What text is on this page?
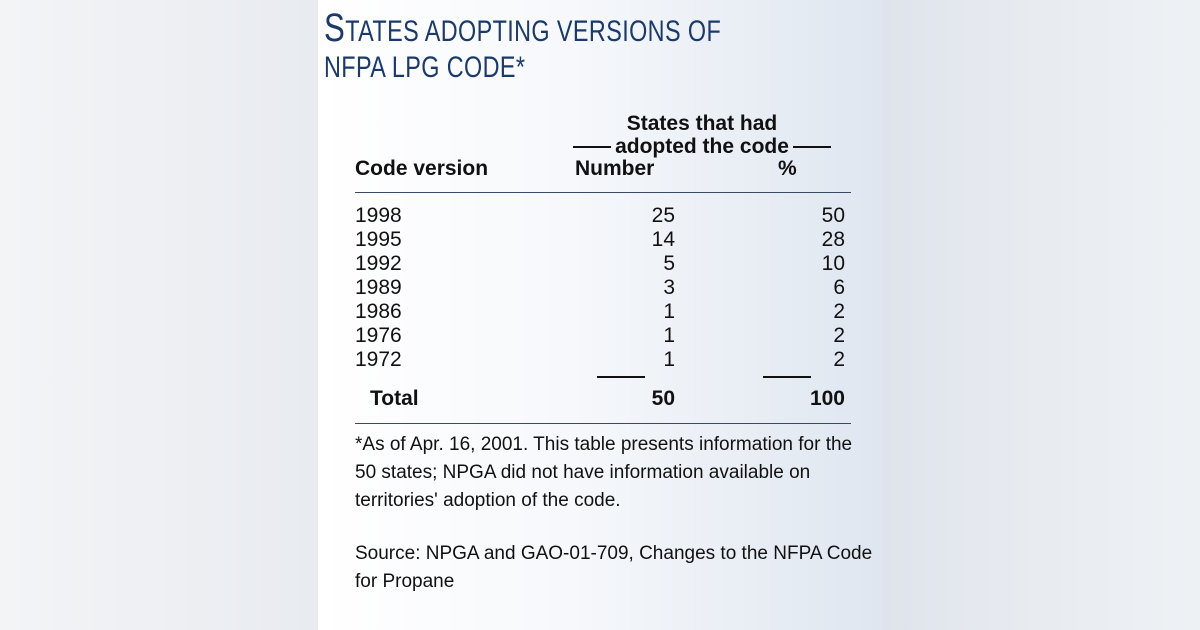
STATES ADOPTING VERSIONS OF
NFPA LPG CODE*
States that had
adopted the code
Code version	Number	%
1998	25	50
1995	14	28
1992	5	10
1989	3	6
1986	1	2
1976	1	2
1972	1	2
Total	50	100

*As of Apr. 16, 2001. This table presents information for the 50 states; NPGA did not have information available on territories' adoption of the code.

Source: NPGA and GAO-01-709, Changes to the NFPA Code for Propane
